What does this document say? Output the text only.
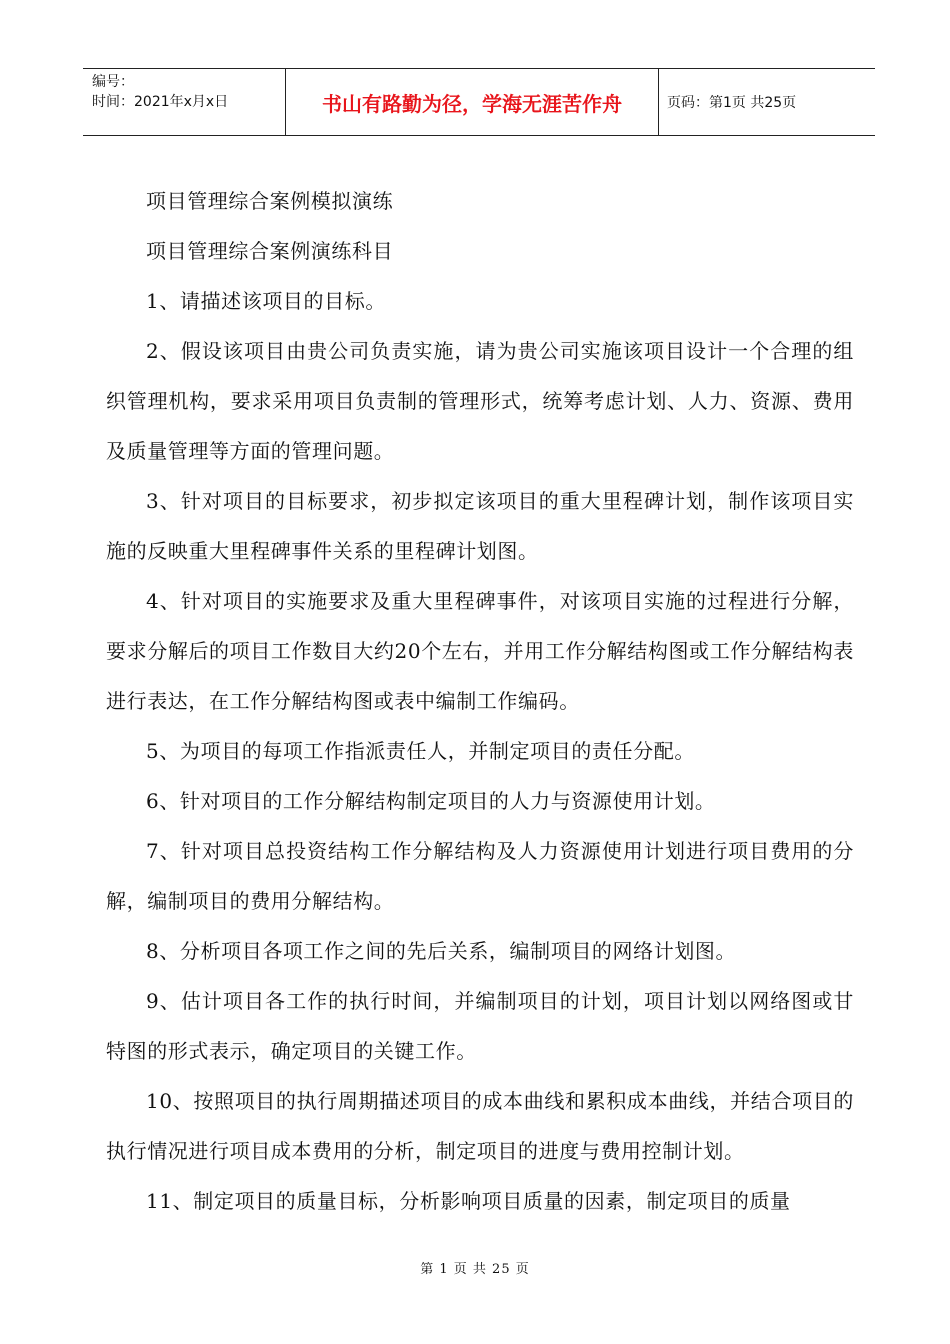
编号：
时间：2021年x月x日	书山有路勤为径，学海无涯苦作舟	页码：第1页 共25页

项目管理综合案例模拟演练

项目管理综合案例演练科目

1、请描述该项目的目标。

2、假设该项目由贵公司负责实施，请为贵公司实施该项目设计一个合理的组织管理机构，要求采用项目负责制的管理形式，统筹考虑计划、人力、资源、费用及质量管理等方面的管理问题。

3、针对项目的目标要求，初步拟定该项目的重大里程碑计划，制作该项目实施的反映重大里程碑事件关系的里程碑计划图。

4、针对项目的实施要求及重大里程碑事件，对该项目实施的过程进行分解，要求分解后的项目工作数目大约20个左右，并用工作分解结构图或工作分解结构表进行表达，在工作分解结构图或表中编制工作编码。

5、为项目的每项工作指派责任人，并制定项目的责任分配。

6、针对项目的工作分解结构制定项目的人力与资源使用计划。

7、针对项目总投资结构工作分解结构及人力资源使用计划进行项目费用的分解，编制项目的费用分解结构。

8、分析项目各项工作之间的先后关系，编制项目的网络计划图。

9、估计项目各工作的执行时间，并编制项目的计划，项目计划以网络图或甘特图的形式表示，确定项目的关键工作。

10、按照项目的执行周期描述项目的成本曲线和累积成本曲线，并结合项目的执行情况进行项目成本费用的分析，制定项目的进度与费用控制计划。

11、制定项目的质量目标，分析影响项目质量的因素，制定项目的质量

第 1 页 共 25 页
